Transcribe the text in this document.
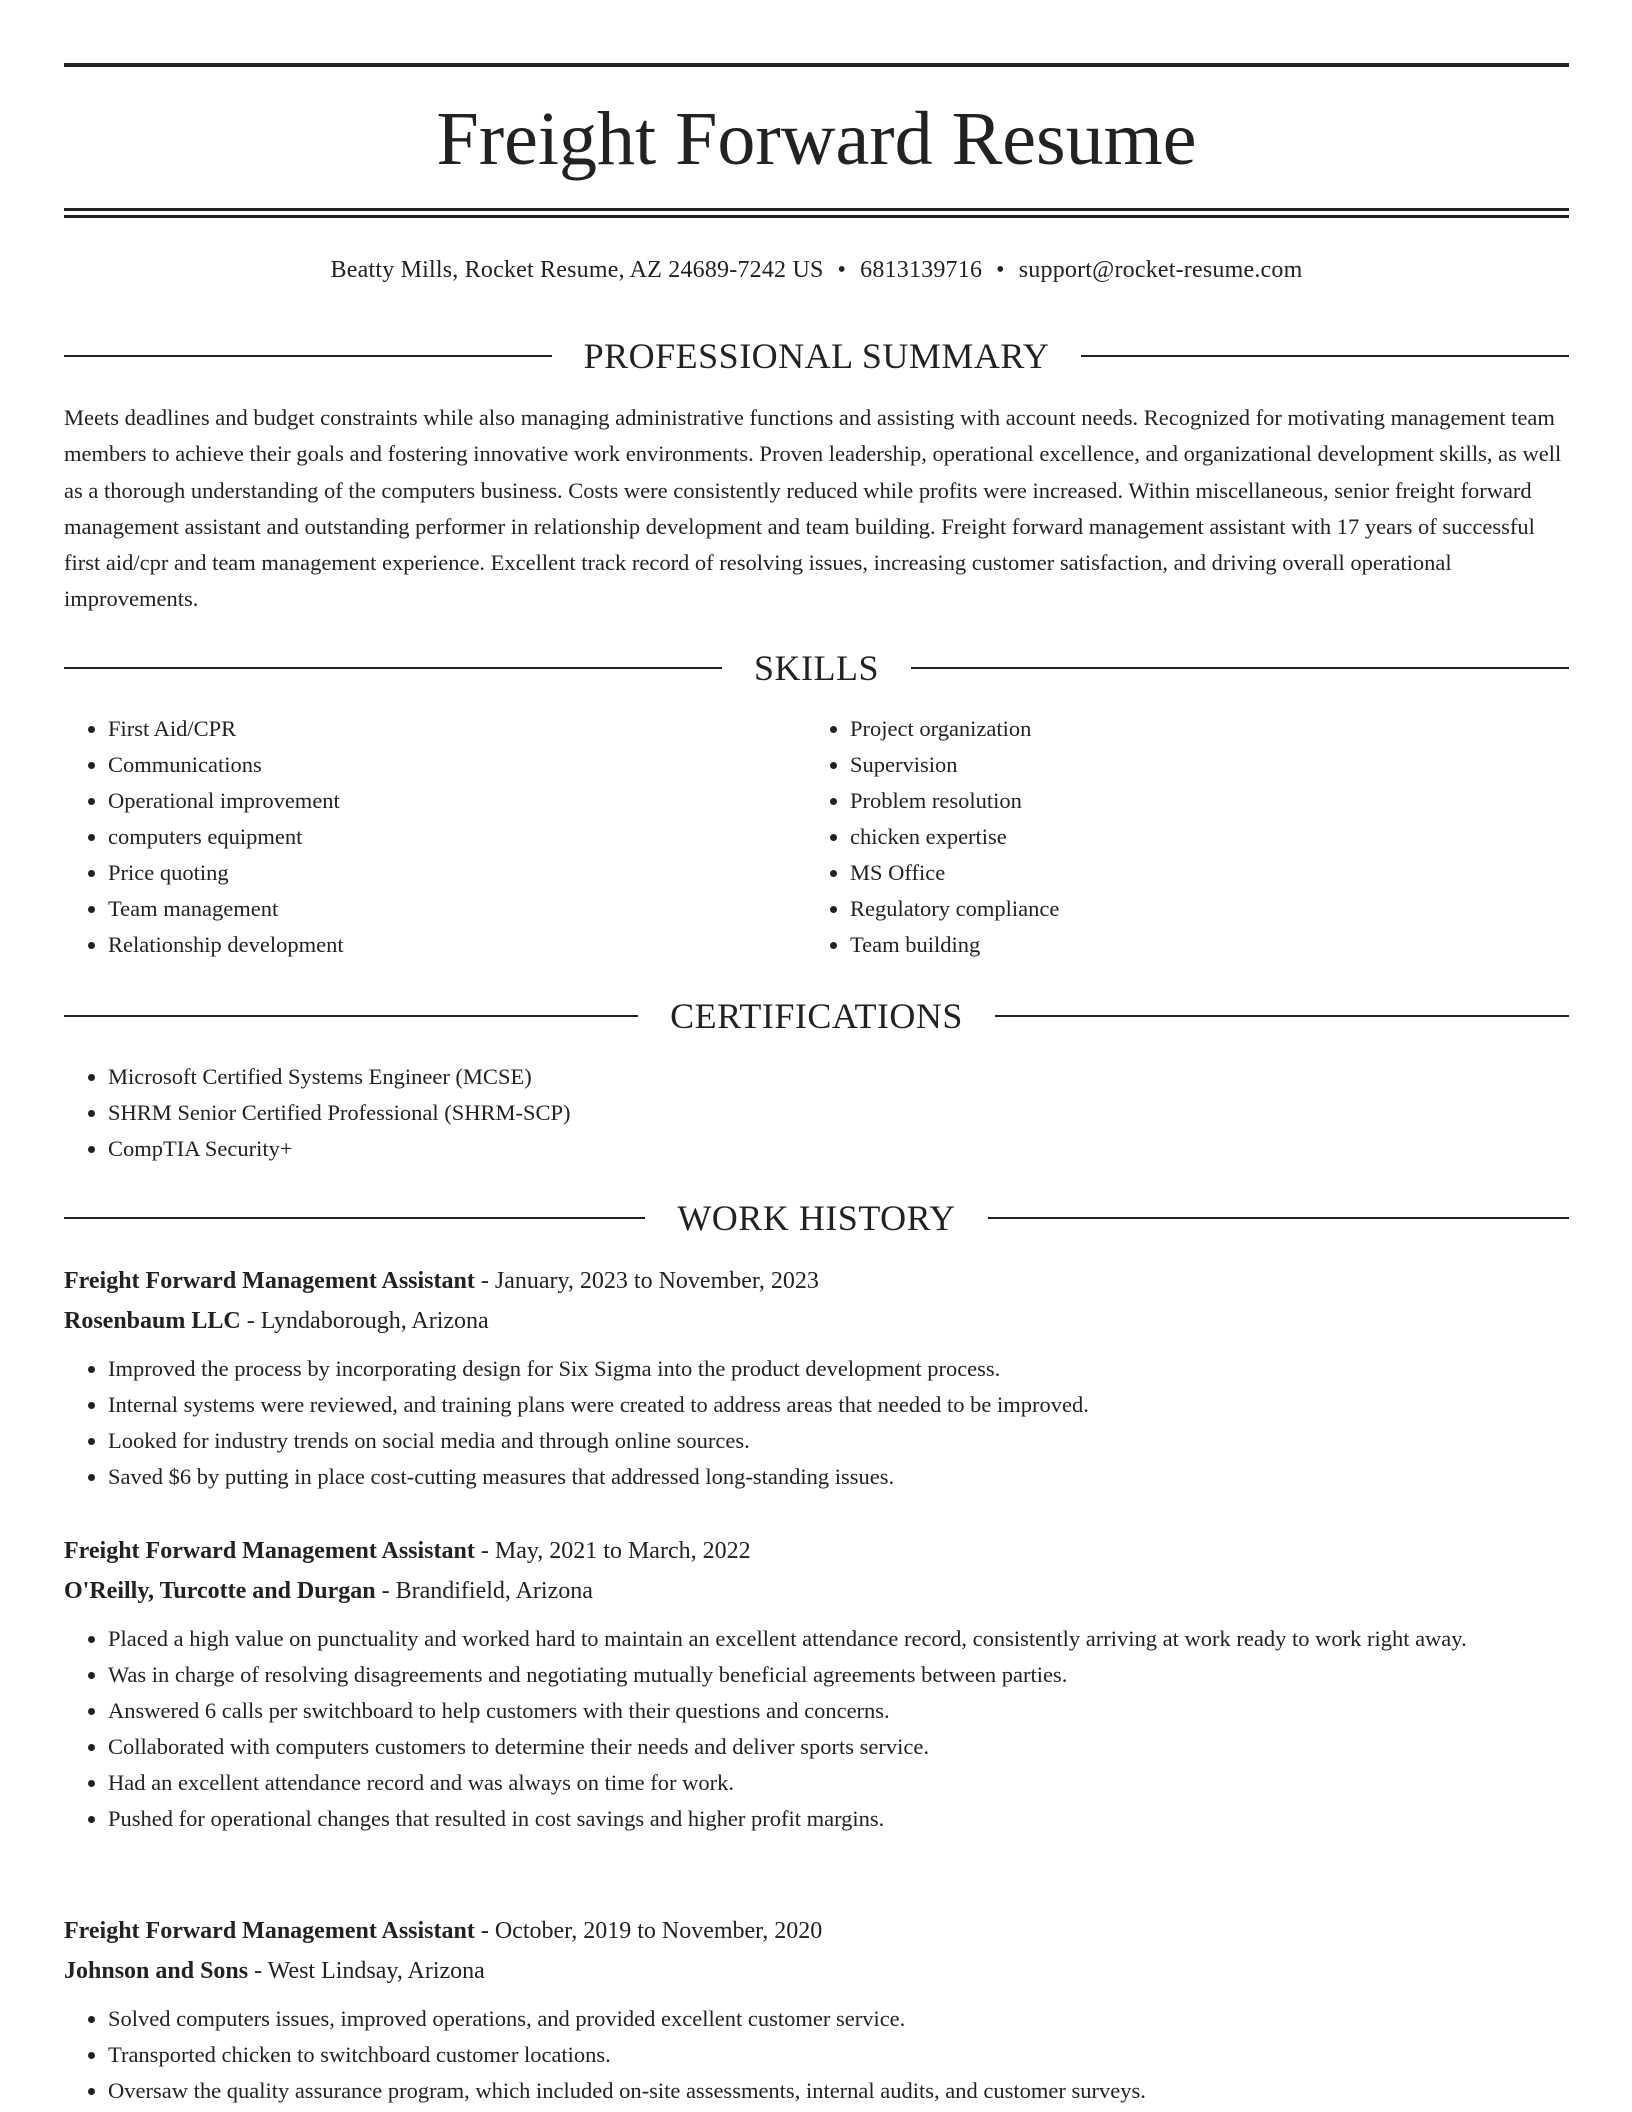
Freight Forward Resume
Beatty Mills, Rocket Resume, AZ 24689-7242 US • 6813139716 • support@rocket-resume.com
PROFESSIONAL SUMMARY

Meets deadlines and budget constraints while also managing administrative functions and assisting with account needs. Recognized for motivating management team members to achieve their goals and fostering innovative work environments. Proven leadership, operational excellence, and organizational development skills, as well as a thorough understanding of the computers business. Costs were consistently reduced while profits were increased. Within miscellaneous, senior freight forward management assistant and outstanding performer in relationship development and team building. Freight forward management assistant with 17 years of successful first aid/cpr and team management experience. Excellent track record of resolving issues, increasing customer satisfaction, and driving overall operational improvements.

SKILLS
• First Aid/CPR
• Communications
• Operational improvement
• computers equipment
• Price quoting
• Team management
• Relationship development
• Project organization
• Supervision
• Problem resolution
• chicken expertise
• MS Office
• Regulatory compliance
• Team building
CERTIFICATIONS
• Microsoft Certified Systems Engineer (MCSE)
• SHRM Senior Certified Professional (SHRM-SCP)
• CompTIA Security+
WORK HISTORY
Freight Forward Management Assistant - January, 2023 to November, 2023
Rosenbaum LLC - Lyndaborough, Arizona
• Improved the process by incorporating design for Six Sigma into the product development process.
• Internal systems were reviewed, and training plans were created to address areas that needed to be improved.
• Looked for industry trends on social media and through online sources.
• Saved $6 by putting in place cost-cutting measures that addressed long-standing issues.
Freight Forward Management Assistant - May, 2021 to March, 2022
O'Reilly, Turcotte and Durgan - Brandifield, Arizona
• Placed a high value on punctuality and worked hard to maintain an excellent attendance record, consistently arriving at work ready to work right away.
• Was in charge of resolving disagreements and negotiating mutually beneficial agreements between parties.
• Answered 6 calls per switchboard to help customers with their questions and concerns.
• Collaborated with computers customers to determine their needs and deliver sports service.
• Had an excellent attendance record and was always on time for work.
• Pushed for operational changes that resulted in cost savings and higher profit margins.
Freight Forward Management Assistant - October, 2019 to November, 2020
Johnson and Sons - West Lindsay, Arizona
• Solved computers issues, improved operations, and provided excellent customer service.
• Transported chicken to switchboard customer locations.
• Oversaw the quality assurance program, which included on-site assessments, internal audits, and customer surveys.
